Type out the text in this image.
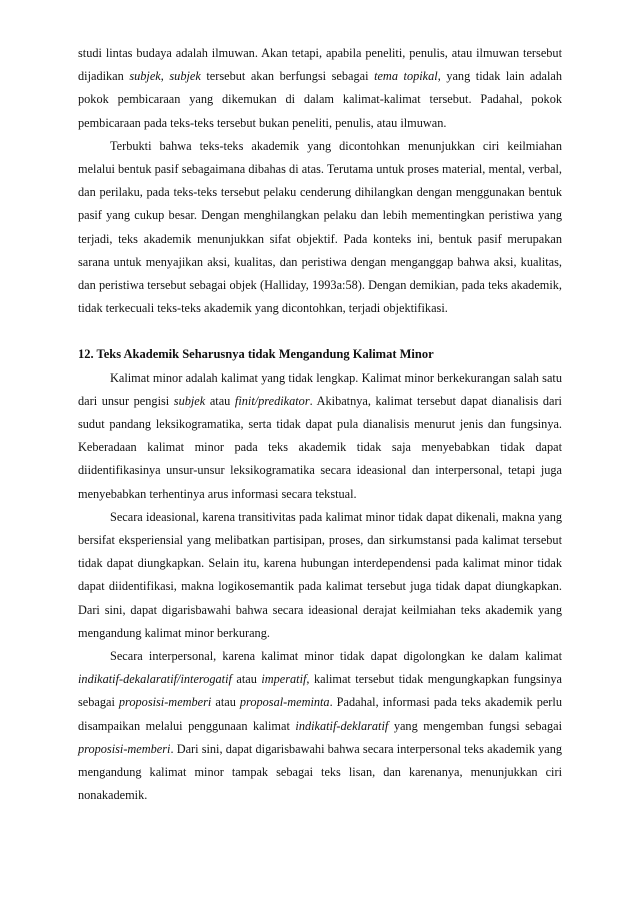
studi lintas budaya adalah ilmuwan. Akan tetapi, apabila peneliti, penulis, atau ilmuwan tersebut dijadikan subjek, subjek tersebut akan berfungsi sebagai tema topikal, yang tidak lain adalah pokok pembicaraan yang dikemukan di dalam kalimat-kalimat tersebut. Padahal, pokok pembicaraan pada teks-teks tersebut bukan peneliti, penulis, atau ilmuwan.

Terbukti bahwa teks-teks akademik yang dicontohkan menunjukkan ciri keilmiahan melalui bentuk pasif sebagaimana dibahas di atas. Terutama untuk proses material, mental, verbal, dan perilaku, pada teks-teks tersebut pelaku cenderung dihilangkan dengan menggunakan bentuk pasif yang cukup besar. Dengan menghilangkan pelaku dan lebih mementingkan peristiwa yang terjadi, teks akademik menunjukkan sifat objektif. Pada konteks ini, bentuk pasif merupakan sarana untuk menyajikan aksi, kualitas, dan peristiwa dengan menganggap bahwa aksi, kualitas, dan peristiwa tersebut sebagai objek (Halliday, 1993a:58). Dengan demikian, pada teks akademik, tidak terkecuali teks-teks akademik yang dicontohkan, terjadi objektifikasi.

12. Teks Akademik Seharusnya tidak Mengandung Kalimat Minor

Kalimat minor adalah kalimat yang tidak lengkap. Kalimat minor berkekurangan salah satu dari unsur pengisi subjek atau finit/predikator. Akibatnya, kalimat tersebut dapat dianalisis dari sudut pandang leksikogramatika, serta tidak dapat pula dianalisis menurut jenis dan fungsinya. Keberadaan kalimat minor pada teks akademik tidak saja menyebabkan tidak dapat diidentifikasinya unsur-unsur leksikogramatika secara ideasional dan interpersonal, tetapi juga menyebabkan terhentinya arus informasi secara tekstual.

Secara ideasional, karena transitivitas pada kalimat minor tidak dapat dikenali, makna yang bersifat eksperiensial yang melibatkan partisipan, proses, dan sirkumstansi pada kalimat tersebut tidak dapat diungkapkan. Selain itu, karena hubungan interdependensi pada kalimat minor tidak dapat diidentifikasi, makna logikosemantik pada kalimat tersebut juga tidak dapat diungkapkan. Dari sini, dapat digarisbawahi bahwa secara ideasional derajat keilmiahan teks akademik yang mengandung kalimat minor berkurang.

Secara interpersonal, karena kalimat minor tidak dapat digolongkan ke dalam kalimat indikatif-dekalaratif/interogatif atau imperatif, kalimat tersebut tidak mengungkapkan fungsinya sebagai proposisi-memberi atau proposal-meminta. Padahal, informasi pada teks akademik perlu disampaikan melalui penggunaan kalimat indikatif-deklaratif yang mengemban fungsi sebagai proposisi-memberi. Dari sini, dapat digarisbawahi bahwa secara interpersonal teks akademik yang mengandung kalimat minor tampak sebagai teks lisan, dan karenanya, menunjukkan ciri nonakademik.
